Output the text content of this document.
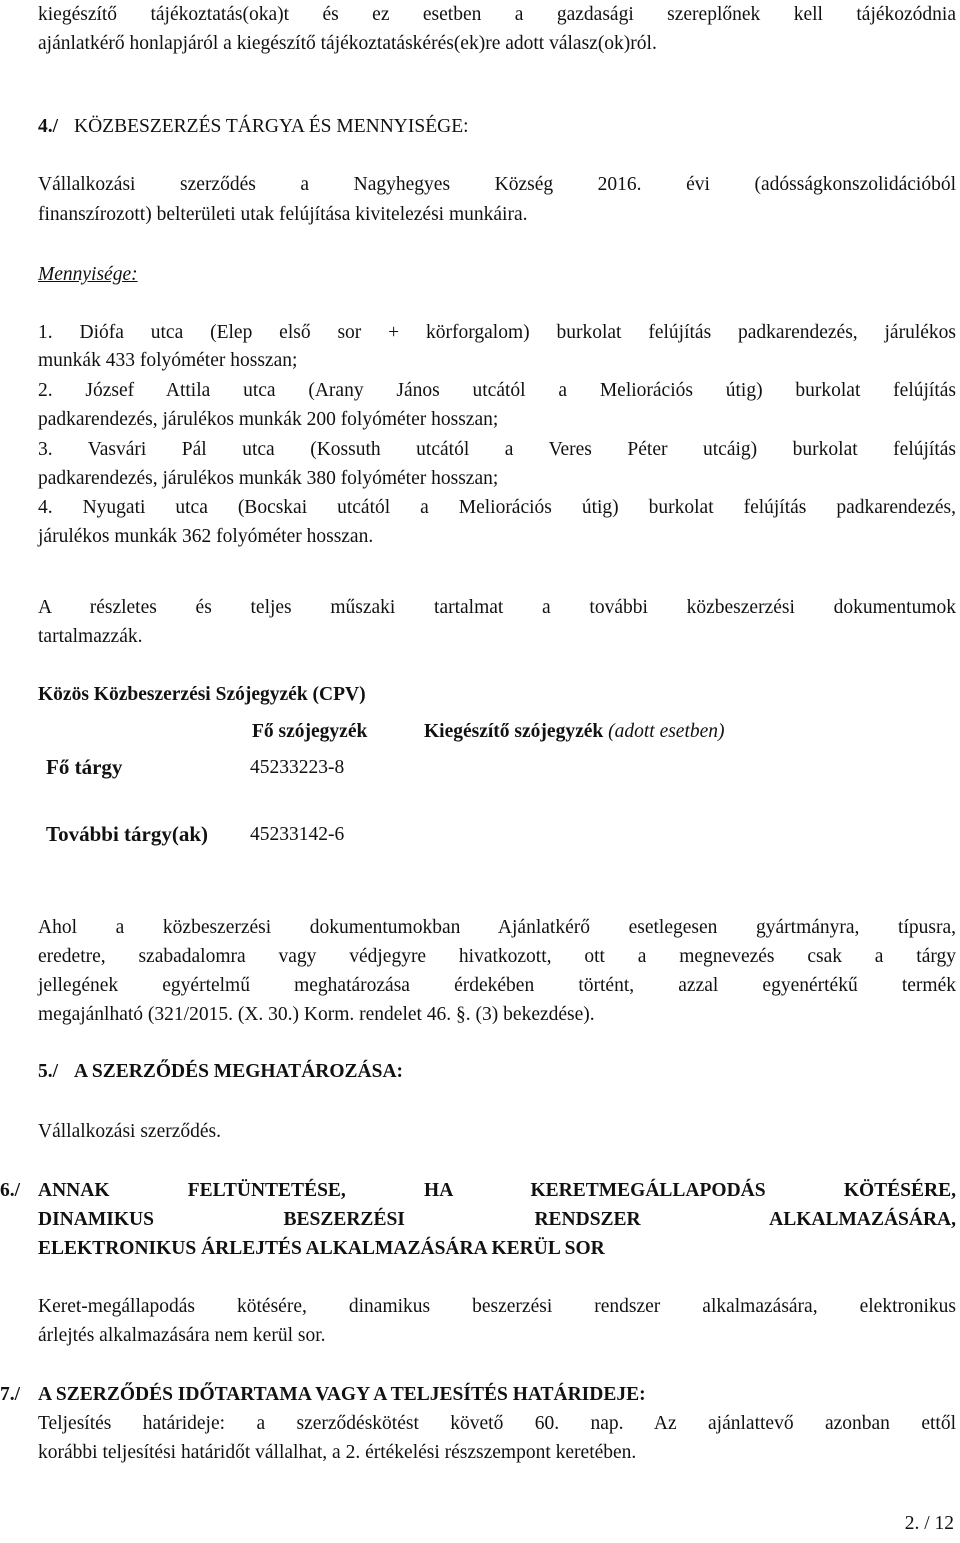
kiegészítő tájékoztatás(oka)t és ez esetben a gazdasági szereplőnek kell tájékozódnia
ajánlatkérő honlapjáról a kiegészítő tájékoztatáskérés(ek)re adott válasz(ok)ról.
4./ KÖZBESZERZÉS TÁRGYA ÉS MENNYISÉGE:
Vállalkozási szerződés a Nagyhegyes Község 2016. évi (adósságkonszolidációból
finanszírozott) belterületi utak felújítása kivitelezési munkáira.
Mennyisége:
1. Diófa utca (Elep első sor + körforgalom) burkolat felújítás padkarendezés, járulékos
munkák 433 folyóméter hosszan;
2. József Attila utca (Arany János utcától a Meliorációs útig) burkolat felújítás
padkarendezés, járulékos munkák 200 folyóméter hosszan;
3. Vasvári Pál utca (Kossuth utcától a Veres Péter utcáig) burkolat felújítás
padkarendezés, járulékos munkák 380 folyóméter hosszan;
4. Nyugati utca (Bocskai utcától a Meliorációs útig) burkolat felújítás padkarendezés,
járulékos munkák 362 folyóméter hosszan.
A részletes és teljes műszaki tartalmat a további közbeszerzési dokumentumok
tartalmazzák.
Közös Közbeszerzési Szójegyzék (CPV)
Fő szójegyzék	Kiegészítő szójegyzék (adott esetben)
Fő tárgy	45233223-8
További tárgy(ak) 45233142-6
Ahol a közbeszerzési dokumentumokban Ajánlatkérő esetlegesen gyártmányra, típusra,
eredetre, szabadalomra vagy védjegyre hivatkozott, ott a megnevezés csak a tárgy
jellegének egyértelmű meghatározása érdekében történt, azzal egyenértékű termék
megajánlható (321/2015. (X. 30.) Korm. rendelet 46. §. (3) bekezdése).
5./ A SZERZŐDÉS MEGHATÁROZÁSA:
Vállalkozási szerződés.
6./ ANNAK FELTÜNTETÉSE, HA KERETMEGÁLLAPODÁS KÖTÉSÉRE,
DINAMIKUS BESZERZÉSI RENDSZER ALKALMAZÁSÁRA,
ELEKTRONIKUS ÁRLEJTÉS ALKALMAZÁSÁRA KERÜL SOR
Keret-megállapodás kötésére, dinamikus beszerzési rendszer alkalmazására, elektronikus
árlejtés alkalmazására nem kerül sor.
7./ A SZERZŐDÉS IDŐTARTAMA VAGY A TELJESÍTÉS HATÁRIDEJE:
Teljesítés határideje: a szerződéskötést követő 60. nap. Az ajánlattevő azonban ettől
korábbi teljesítési határidőt vállalhat, a 2. értékelési részszempont keretében.
2. / 12
